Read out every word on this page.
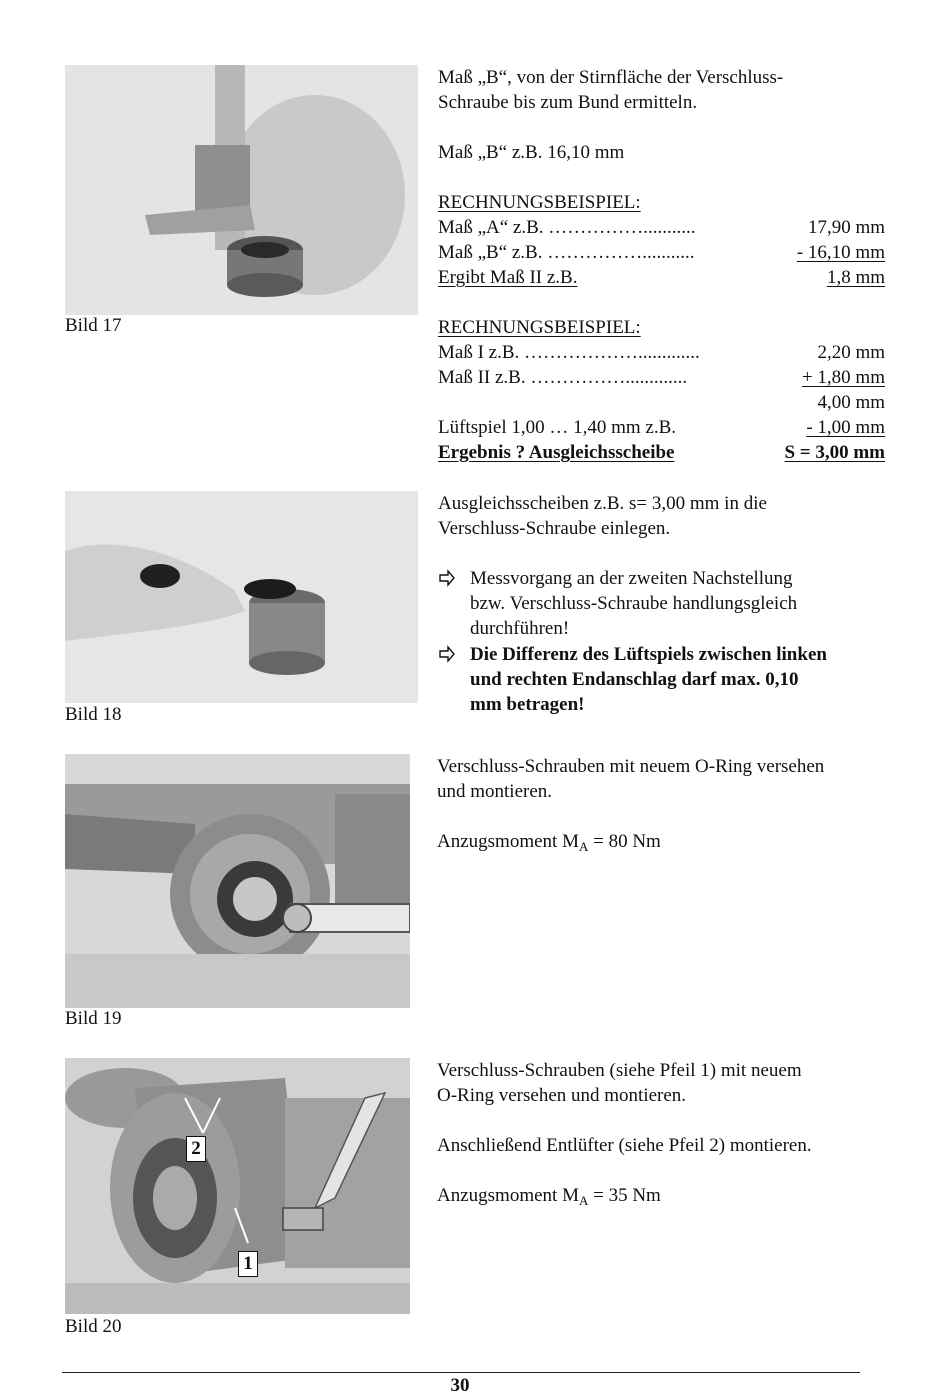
Bild 17
Maß „B“, von der Stirnfläche der Verschluss-
Schraube bis zum Bund ermitteln.
Maß „B“ z.B. 16,10 mm
RECHNUNGSBEISPIEL:
Maß „A“ z.B. ……………...........	17,90 mm
Maß „B“ z.B. ……………...........	- 16,10 mm
Ergibt Maß II z.B.	1,8 mm
RECHNUNGSBEISPIEL:
Maß I z.B. ……………….............	2,20 mm
Maß II z.B. …………….............	+ 1,80 mm
4,00 mm
Lüftspiel 1,00 … 1,40 mm z.B.	- 1,00 mm
Ergebnis ? Ausgleichsscheibe	S = 3,00 mm
Bild 18
Ausgleichsscheiben z.B. s= 3,00 mm in die
Verschluss-Schraube einlegen.
Messvorgang an der zweiten Nachstellung
bzw. Verschluss-Schraube handlungsgleich
durchführen!
Die Differenz des Lüftspiels zwischen linken
und rechten Endanschlag darf max. 0,10
mm betragen!
Bild 19
Verschluss-Schrauben mit neuem O-Ring versehen
und montieren.
Anzugsmoment $M_A = 80$ Nm
2
1
Bild 20
Verschluss-Schrauben (siehe Pfeil 1) mit neuem
O-Ring versehen und montieren.
Anschließend Entlüfter (siehe Pfeil 2) montieren.
Anzugsmoment $M_A = 35$ Nm
30
